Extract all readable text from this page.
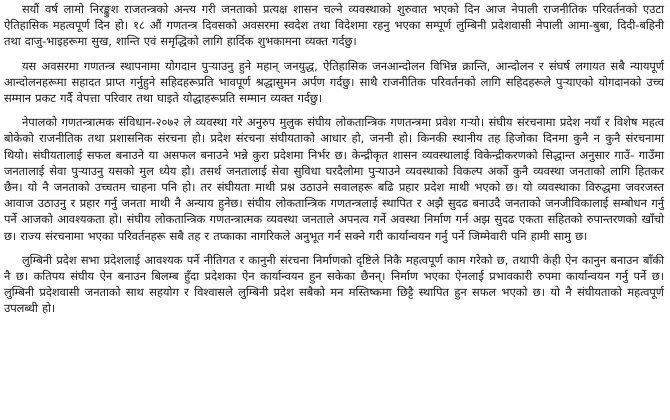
सयौं वर्ष लामो निरङ्कुश राजतन्त्रको अन्त्य गरी जनताको प्रत्यक्ष शासन चल्ने व्यवस्थाको शुरुवात भएको दिन आज नेपाली राजनीतिक परिवर्तनको एउटा ऐतिहासिक महत्वपूर्ण दिन हो। १८ औं गणतन्त्र दिवसको अवसरमा स्वदेश तथा विदेशमा रहनु भएका सम्पूर्ण लुम्बिनी प्रदेशवासी नेपाली आमा-बुबा, दिदी-बहिनी तथा दाजु-भाइहरूमा सुख, शान्ति एवं समृद्धिको लागि हार्दिक शुभकामना व्यक्त गर्दछु।

यस अवसरमा गणतन्त्र स्थापनामा योगदान पुऱ्याउनु हुने महान् जनयुद्ध, ऐतिहासिक जनआन्दोलन विभिन्न क्रान्ति, आन्दोलन र संघर्ष लगायत सबै न्यायपूर्ण आन्दोलनहरूमा सहादत प्राप्त गर्नुहुने सहिदहरूप्रति भावपूर्ण श्रद्धासुमन अर्पण गर्दछु। साथै राजनीतिक परिवर्तनको लागि सहिदहरूले पुऱ्याएको योगदानको उच्च सम्मान प्रकट गर्दै वेपत्ता परिवार तथा घाइते योद्धाहरूप्रति सम्मान व्यक्त गर्दछु।

नेपालको गणतन्त्रात्मक संविधान-२०७२ ले व्यवस्था गरे अनुरुप मुलुक संघीय लोकतान्त्रिक गणतन्त्रमा प्रवेश गऱ्यो। संघीय संरचनामा प्रदेश नयाँ र विशेष महत्व बोकेको राजनीतिक तथा प्रशासनिक संरचना हो। प्रदेश संरचना संघीयताको आधार हो, जननी हो। किनकी स्थानीय तह हिजोका दिनमा कुनै न कुनै संरचनामा थियो। संघीयतालाई सफल बनाउने या असफल बनाउने भन्ने कुरा प्रदेशमा निर्भर छ। केन्द्रीकृत शासन व्यवस्थालाई विकेन्द्रीकरणको सिद्धान्त अनुसार गाउँ- गाउँमा जनतालाई सेवा पुऱ्याउनु यसको मुल ध्येय हो। तसर्थ जनतालाई सेवा सुविधा घरदैलोमा पुऱ्याउने व्यवस्थाको विकल्प अर्को कुनै व्यवस्था जनताको लागि हितकर छैन। यो नै जनताको उच्चतम चाहना पनि हो। तर संघीयता माथी प्रश्न उठाउने सवालहरू बढि प्रहार प्रदेश माथी भएको छ। यो व्यवस्थाका विरुद्धमा जवरजस्त आवाज उठाउनु र प्रहार गर्नु जनता माथी नै अन्याय हुनेछ। संघीय लोकतान्त्रिक गणतन्त्रलाई स्थापित र अझै सुदढ बनाउदै जनताको जनजीविकालाई सम्बोधन गर्नु पर्ने आजको आवश्यकता हो। संघीय लोकतान्त्रिक गणतन्त्रात्मक व्यवस्था जनताले अपनत्व गर्ने अवस्था निर्माण गर्न अझ सुदढ एकता सहितको रुपान्तरणको खाँचो छ। राज्य संरचनामा भएका परिवर्तनहरू सबै तह र तप्काका नागरिकले अनुभूत गर्न सक्ने गरी कार्यान्वयन गर्नु पर्ने जिम्मेवारी पनि हामी सामु छ।

लुम्बिनी प्रदेश सभा प्रदेशलाई आवश्यक पर्ने नीतिगत र कानुनी संरचना निर्माणको दृष्टिले निकै महत्वपूर्ण काम गरेको छ, तथापी केही ऐन कानुन बनाउन बाँकी नै छ। कतिपय संघीय ऐन बनाउन बिलम्ब हुँदा प्रदेशका ऐन कार्यान्वयन हुन सकेका छैनन्। निर्माण भएका ऐनलाई प्रभावकारी रुपमा कार्यान्वयन गर्नु पर्ने छ। लुम्बिनी प्रदेशवासी जनताको साथ सहयोग र विश्वासले लुम्बिनी प्रदेश सबैको मन मस्तिष्कमा छिट्टै स्थापित हुन सफल भएको छ। यो नै संघीयताको महत्वपूर्ण उपलब्धी हो।
